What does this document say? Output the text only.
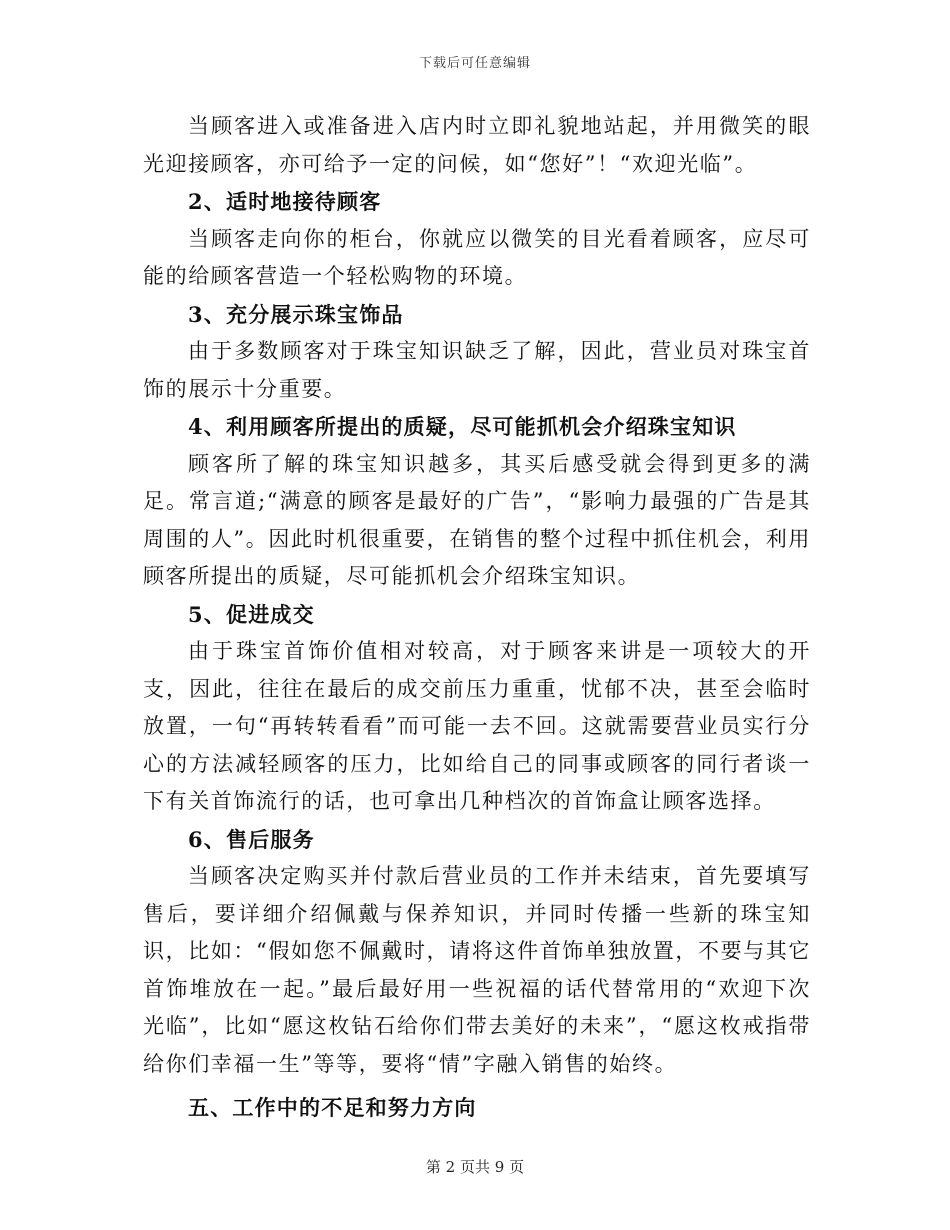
下载后可任意编辑

当顾客进入或准备进入店内时立即礼貌地站起，并用微笑的眼光迎接顾客，亦可给予一定的问候，如“您好”！“欢迎光临”。

2、适时地接待顾客

当顾客走向你的柜台，你就应以微笑的目光看着顾客，应尽可能的给顾客营造一个轻松购物的环境。

3、充分展示珠宝饰品

由于多数顾客对于珠宝知识缺乏了解，因此，营业员对珠宝首饰的展示十分重要。

4、利用顾客所提出的质疑，尽可能抓机会介绍珠宝知识

顾客所了解的珠宝知识越多，其买后感受就会得到更多的满足。常言道;“满意的顾客是最好的广告”，“影响力最强的广告是其周围的人”。因此时机很重要，在销售的整个过程中抓住机会，利用顾客所提出的质疑，尽可能抓机会介绍珠宝知识。

5、促进成交

由于珠宝首饰价值相对较高，对于顾客来讲是一项较大的开支，因此，往往在最后的成交前压力重重，忧郁不决，甚至会临时放置，一句“再转转看看”而可能一去不回。这就需要营业员实行分心的方法减轻顾客的压力，比如给自己的同事或顾客的同行者谈一下有关首饰流行的话，也可拿出几种档次的首饰盒让顾客选择。

6、售后服务

当顾客决定购买并付款后营业员的工作并未结束，首先要填写售后，要详细介绍佩戴与保养知识，并同时传播一些新的珠宝知识，比如：“假如您不佩戴时，请将这件首饰单独放置，不要与其它首饰堆放在一起。”最后最好用一些祝福的话代替常用的“欢迎下次光临”，比如“愿这枚钻石给你们带去美好的未来”，“愿这枚戒指带给你们幸福一生”等等，要将“情”字融入销售的始终。

五、工作中的不足和努力方向

第 2 页共 9 页
